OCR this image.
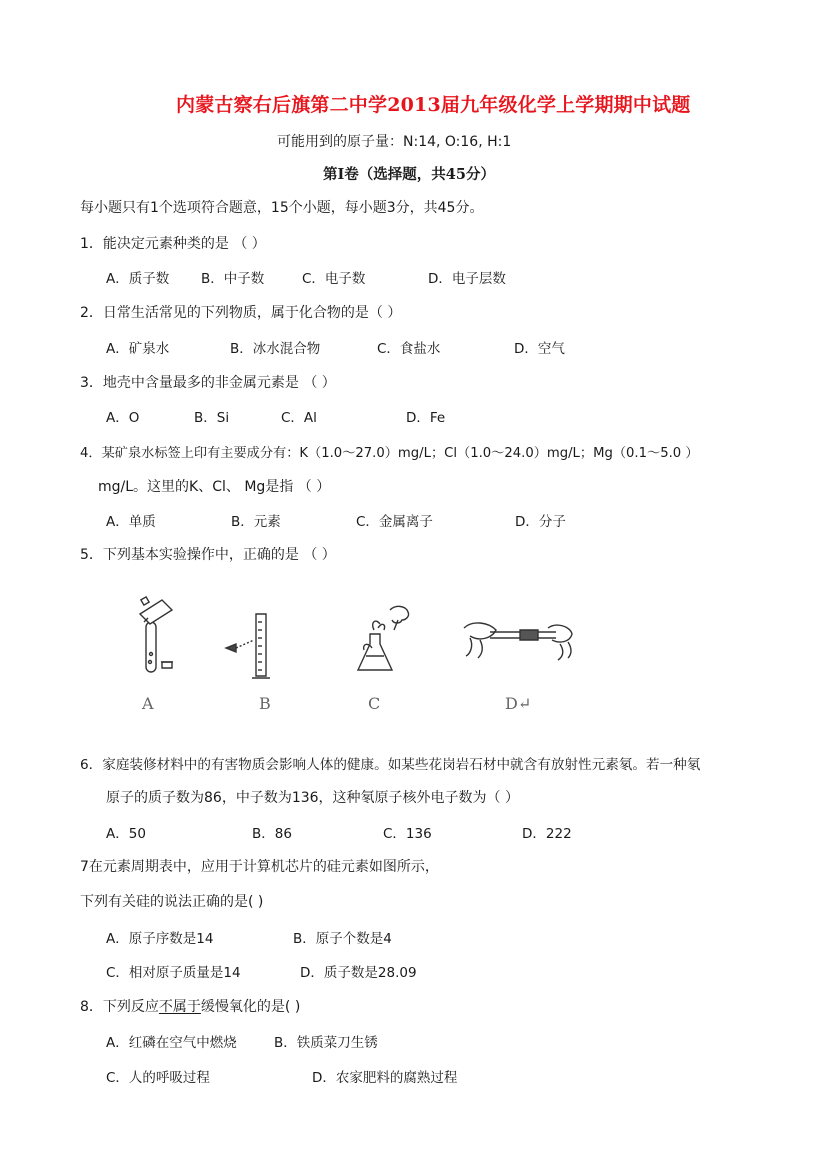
内蒙古察右后旗第二中学2013届九年级化学上学期期中试题
可能用到的原子量：N:14, O:16, H:1
第Ⅰ卷（选择题，共45分）
每小题只有1个选项符合题意，15个小题，每小题3分，共45分。
1．能决定元素种类的是 （ ）
A．质子数 B．中子数	C．电子数	D．电子层数
2．日常生活常见的下列物质，属于化合物的是（ ）
A．矿泉水	B．冰水混合物	C．食盐水	D．空气
3．地壳中含量最多的非金属元素是 （ ）
A．O	B．Si	C．Al	D．Fe
4．某矿泉水标签上印有主要成分有：K（1.0～27.0）mg/L；Cl（1.0～24.0）mg/L；Mg（0.1～5.0 ）
mg/L。这里的K、Cl、 Mg是指 （ ）
A．单质	B．元素	C．金属离子	D．分子
5．下列基本实验操作中，正确的是 （ ）
A	B	C	D↵
6．家庭装修材料中的有害物质会影响人体的健康。如某些花岗岩石材中就含有放射性元素氡。若一种氡
原子的质子数为86，中子数为136，这种氡原子核外电子数为（ ）
A．50	B．86	C．136	D．222
7在元素周期表中，应用于计算机芯片的硅元素如图所示，
下列有关硅的说法正确的是( )
A．原子序数是14	B．原子个数是4
C．相对原子质量是14	D．质子数是28.09
8．下列反应不属于缓慢氧化的是( )
A．红磷在空气中燃烧	B．铁质菜刀生锈
C．人的呼吸过程	D．农家肥料的腐熟过程
